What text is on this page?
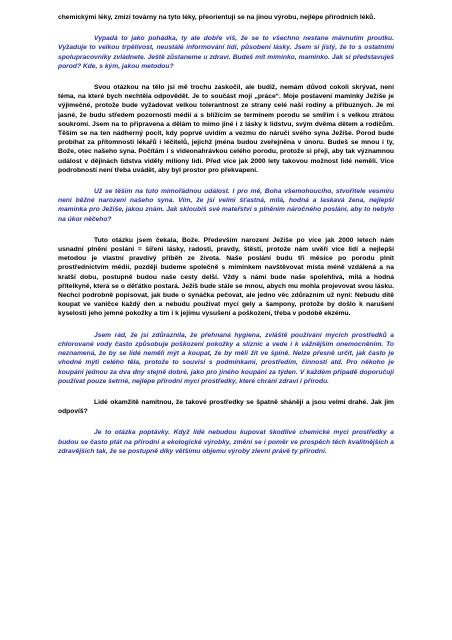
chemickými léky, zmizí továrny na tyto léky, přeorientují se na jinou výrobu, nejlépe přírodních léků.

Vypadá to jako pohádka, ty ale dobře víš, že se to všechno nestane mávnutím proutku. Vyžaduje to velkou trpělivost, neustálé informování lidí, působení lásky. Jsem si jistý, že to s ostatními spolupracovníky zvládnete. Ještě zůstaneme u zdraví. Budeš mít miminko, maminko. Jak si představuješ porod? Kde, s kým, jakou metodou?

Svou otázkou na tělo jsi mě trochu zaskočil, ale budiž, nemám důvod cokoli skrývat, není téma, na které bych nechtěla odpovědět. Je to součást mojí „práce“. Moje postavení maminky Ježíše je výjimečné, protože bude vyžadovat velkou tolerantnost ze strany celé naší rodiny a příbuzných. Je mi jasné, že budu středem pozornosti médií a s blížícím se termínem porodu se smířím i s velkou ztrátou soukromí. Jsem na to připravena a dělám to mimo jiné i z lásky k lidstvu, svým dvěma dětem a rodičům. Těším se na ten nádherný pocit, kdy poprvé uvidím a vezmu do náručí svého syna Ježíše. Porod bude probíhat za přítomnosti lékařů i léčitelů, jejichž jména budou zveřejněna v únoru. Budeš se mnou i ty, Bože, otec našeho syna. Počítám i s videonahrávkou celého porodu, protože si přeji, aby tak významnou událost v dějinách lidstva viděly miliony lidí. Před více jak 2000 lety takovou možnost lidé neměli. Více podrobností není třeba uvádět, aby byl prostor pro překvapení.

Už se těšim na tuto mimořádnou událost. I pro mě, Boha všemohoucího, stvořitele vesmíru není běžné narození našeho syna. Vím, že jsi velmi šťastná, milá, hodná a laskavá žena, nejlepší maminka pro Ježíše, jakou znám. Jak skloubíš své mateřství s plněním náročného poslání, aby to nebylo na úkor něčeho?

Tuto otázku jsem čekala, Bože. Především narození Ježíše po více jak 2000 letech nám usnadní plnění poslání = šíření lásky, radosti, pravdy, štěstí, protože nám uvěří více lidí a nejlepší metodou je vlastní pravdivý příběh ze života. Naše poslání budu tři měsíce po porodu plnit prostřednictvím médií, později budeme společně s miminkem navštěvovat místa méně vzdálená a na kratší dobu, postupně budou naše cesty delší. Vždy s námi bude naše spolehlivá, milá a hodná přítelkyně, která se o děťátko postará. Ježíš bude stále se mnou, abych mu mohla projevovat svou lásku. Nechci podrobně popisovat, jak bude o synáčka pečovat, ale jedno věc zdůrazním už nyní: Nebudu dítě koupat ve vaničce každý den a nebudu používat mycí gely a šampony, protože by došlo k narušení kyselosti jeho jemné pokožky a tím i k jejímu vysušení a poškození, třeba v podobě ekzému.

Jsem rád, že jsi zdůraznila, že přehnaná hygiena, zvláště používání mycích prostředků a chlorované vody často způsobuje poškození pokožky a sliznic a vede i k vážnějším onemocněním. To neznamená, že by se lidé neměli mýt a koupat, že by měli žít ve špíně. Nelze přesně určit, jak často je vhodné mýti celého těla, protože to souvisí s podmínkami, prostředím, činností atd. Pro někoho je koupání jednou za dva dny stejně dobré, jako pro jiného koupání za týden. V každém případě doporučuji používat pouze šetrné, nejlépe přírodní mycí prostředky, které chrání zdraví i přírodu.

Lidé okamžitě namítnou, že takové prostředky se špatně shánějí a jsou velmi drahé. Jak jim odpovíš?

Je to otázka poptávky. Když lidé nebudou kupovat škodlivé chemické mycí prostředky a budou se často ptát na přírodní a ekologické výrobky, změní se i poměr ve prospěch těch kvalitnějších a zdravějších tak, že se postupně díky většímu objemu výroby zlevní právě ty přírodní.
